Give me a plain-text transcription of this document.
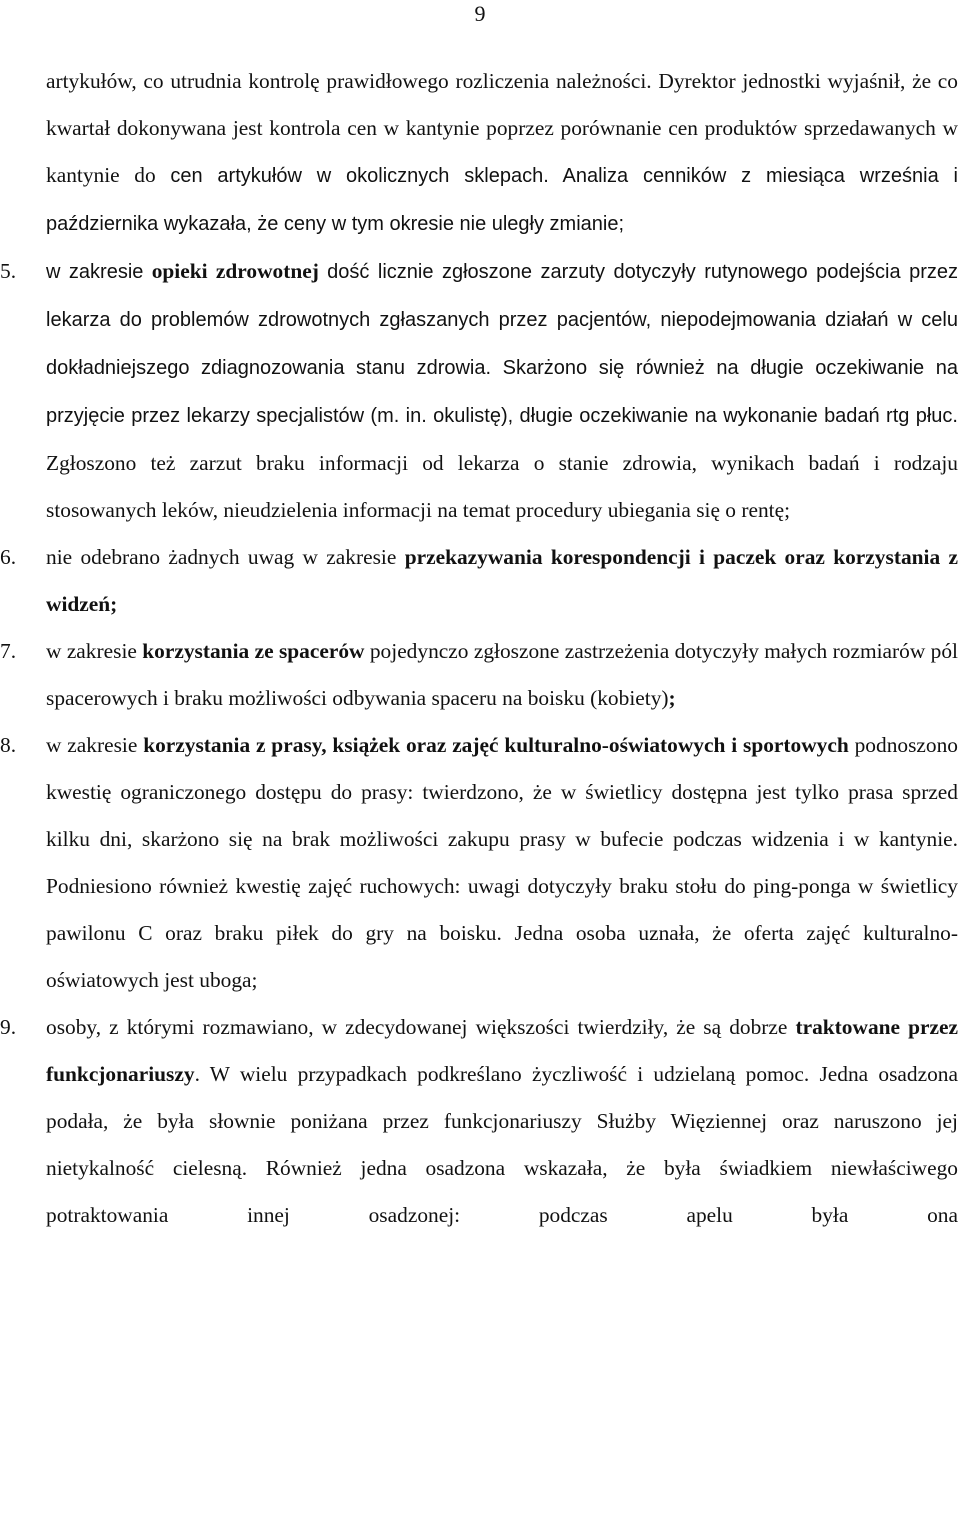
9

artykułów, co utrudnia kontrolę prawidłowego rozliczenia należności. Dyrektor jednostki wyjaśnił, że co kwartał dokonywana jest kontrola cen w kantynie poprzez porównanie cen produktów sprzedawanych w kantynie do cen artykułów w okolicznych sklepach. Analiza cenników z miesiąca września i października wykazała, że ceny w tym okresie nie uległy zmianie;

5.	w zakresie opieki zdrowotnej dość licznie zgłoszone zarzuty dotyczyły rutynowego podejścia przez lekarza do problemów zdrowotnych zgłaszanych przez pacjentów, niepodejmowania działań w celu dokładniejszego zdiagnozowania stanu zdrowia. Skarżono się również na długie oczekiwanie na przyjęcie przez lekarzy specjalistów (m. in. okulistę), długie oczekiwanie na wykonanie badań rtg płuc. Zgłoszono też zarzut braku informacji od lekarza o stanie zdrowia, wynikach badań i rodzaju stosowanych leków, nieudzielenia informacji na temat procedury ubiegania się o rentę;

6.	nie odebrano żadnych uwag w zakresie przekazywania korespondencji i paczek oraz korzystania z widzeń;

7.	w zakresie korzystania ze spacerów pojedynczo zgłoszone zastrzeżenia dotyczyły małych rozmiarów pól spacerowych i braku możliwości odbywania spaceru na boisku (kobiety);

8.	w zakresie korzystania z prasy, książek oraz zajęć kulturalno-oświatowych i sportowych podnoszono kwestię ograniczonego dostępu do prasy: twierdzono, że w świetlicy dostępna jest tylko prasa sprzed kilku dni, skarżono się na brak możliwości zakupu prasy w bufecie podczas widzenia i w kantynie. Podniesiono również kwestię zajęć ruchowych: uwagi dotyczyły braku stołu do ping-ponga w świetlicy pawilonu C oraz braku piłek do gry na boisku. Jedna osoba uznała, że oferta zajęć kulturalno-oświatowych jest uboga;

9.	osoby, z którymi rozmawiano, w zdecydowanej większości twierdziły, że są dobrze traktowane przez funkcjonariuszy. W wielu przypadkach podkreślano życzliwość i udzielaną pomoc. Jedna osadzona podała, że była słownie poniżana przez funkcjonariuszy Służby Więziennej oraz naruszono jej nietykalność cielesną. Również jedna osadzona wskazała, że była świadkiem niewłaściwego potraktowania innej osadzonej: podczas apelu była ona
